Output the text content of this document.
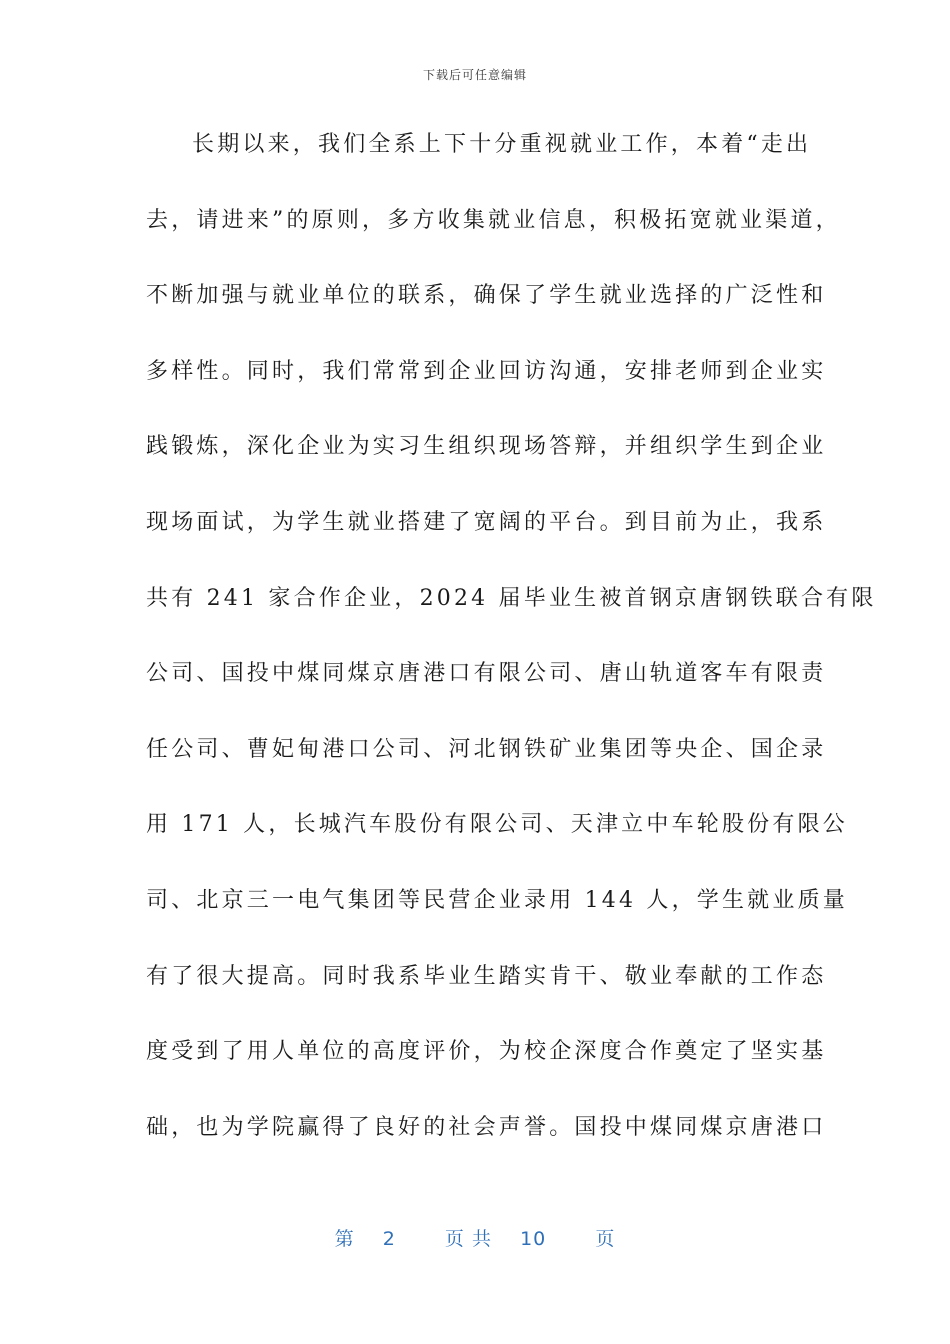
下载后可任意编辑
长期以来，我们全系上下十分重视就业工作，本着“走出
去，请进来”的原则，多方收集就业信息，积极拓宽就业渠道，
不断加强与就业单位的联系，确保了学生就业选择的广泛性和
多样性。同时，我们常常到企业回访沟通，安排老师到企业实
践锻炼，深化企业为实习生组织现场答辩，并组织学生到企业
现场面试，为学生就业搭建了宽阔的平台。到目前为止，我系
共有 241 家合作企业，2024 届毕业生被首钢京唐钢铁联合有限
公司、国投中煤同煤京唐港口有限公司、唐山轨道客车有限责
任公司、曹妃甸港口公司、河北钢铁矿业集团等央企、国企录
用 171 人，长城汽车股份有限公司、天津立中车轮股份有限公
司、北京三一电气集团等民营企业录用 144 人，学生就业质量
有了很大提高。同时我系毕业生踏实肯干、敬业奉献的工作态
度受到了用人单位的高度评价，为校企深度合作奠定了坚实基
础，也为学院赢得了良好的社会声誉。国投中煤同煤京唐港口
第 2	页 共 10	页
